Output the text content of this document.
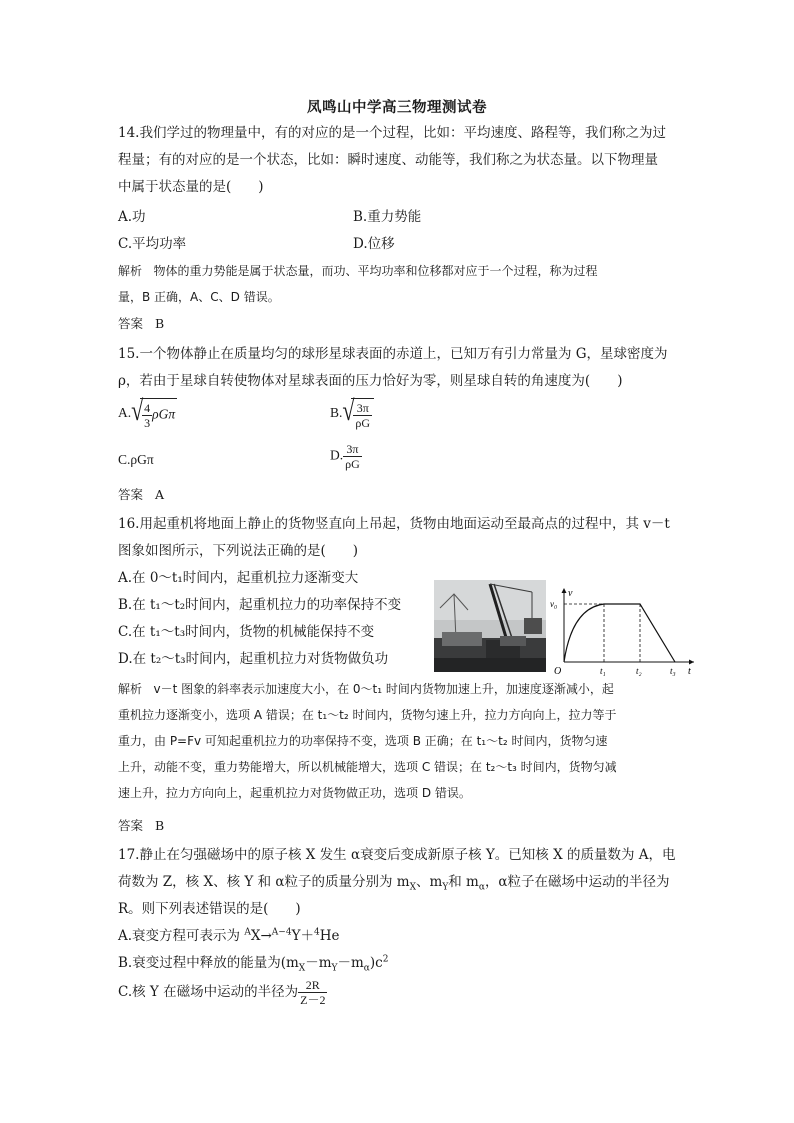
凤鸣山中学高三物理测试卷
14.我们学过的物理量中，有的对应的是一个过程，比如：平均速度、路程等，我们称之为过
程量；有的对应的是一个状态，比如：瞬时速度、动能等，我们称之为状态量。以下物理量
中属于状态量的是(　　)
A.功	B.重力势能
C.平均功率	D.位移
解析 物体的重力势能是属于状态量，而功、平均功率和位移都对应于一个过程，称为过程
量，B 正确，A、C、D 错误。
答案 B
15.一个物体静止在质量均匀的球形星球表面的赤道上，已知万有引力常量为 G，星球密度为
ρ，若由于星球自转使物体对星球表面的压力恰好为零，则星球自转的角速度为(　　)
A. √
$\frac{4}{3}$ ρGπ	B. √
$\frac{3\pi}{\rho G}$
C.ρGπ	D. $\frac{3\pi}{\rho G}$
答案 A
16.用起重机将地面上静止的货物竖直向上吊起，货物由地面运动至最高点的过程中，其 v－t
图象如图所示，下列说法正确的是(　　)
A.在 0～t₁时间内，起重机拉力逐渐变大
B.在 t₁～t₂时间内，起重机拉力的功率保持不变
C.在 t₁～t₃时间内，货物的机械能保持不变
D.在 t₂～t₃时间内，起重机拉力对货物做负功
v
v₀
O	t₁	t₂	t₃ t
解析 v－t 图象的斜率表示加速度大小，在 0～t₁ 时间内货物加速上升，加速度逐渐减小，起
重机拉力逐渐变小，选项 A 错误；在 t₁～t₂ 时间内，货物匀速上升，拉力方向向上，拉力等于
重力，由 P=Fv 可知起重机拉力的功率保持不变，选项 B 正确；在 t₁～t₂ 时间内，货物匀速
上升，动能不变，重力势能增大，所以机械能增大，选项 C 错误；在 t₂～t₃ 时间内，货物匀减
速上升，拉力方向向上，起重机拉力对货物做正功，选项 D 错误。
答案 B
17.静止在匀强磁场中的原子核 X 发生 α衰变后变成新原子核 Y。已知核 X 的质量数为 A，电
荷数为 Z，核 X、核 Y 和 α粒子的质量分别为 $m_X$、$m_Y$和 $m_\alpha$，α粒子在磁场中运动的半径为
R。则下列表述错误的是(　　)
A.衰变方程可表示为 $^A$X→$^{A-4}$Y＋$^4$He
B.衰变过程中释放的能量为$(m_X-m_Y-m_\alpha)c^2$
C.核 Y 在磁场中运动的半径为 $\frac{2R}{Z-2}$
